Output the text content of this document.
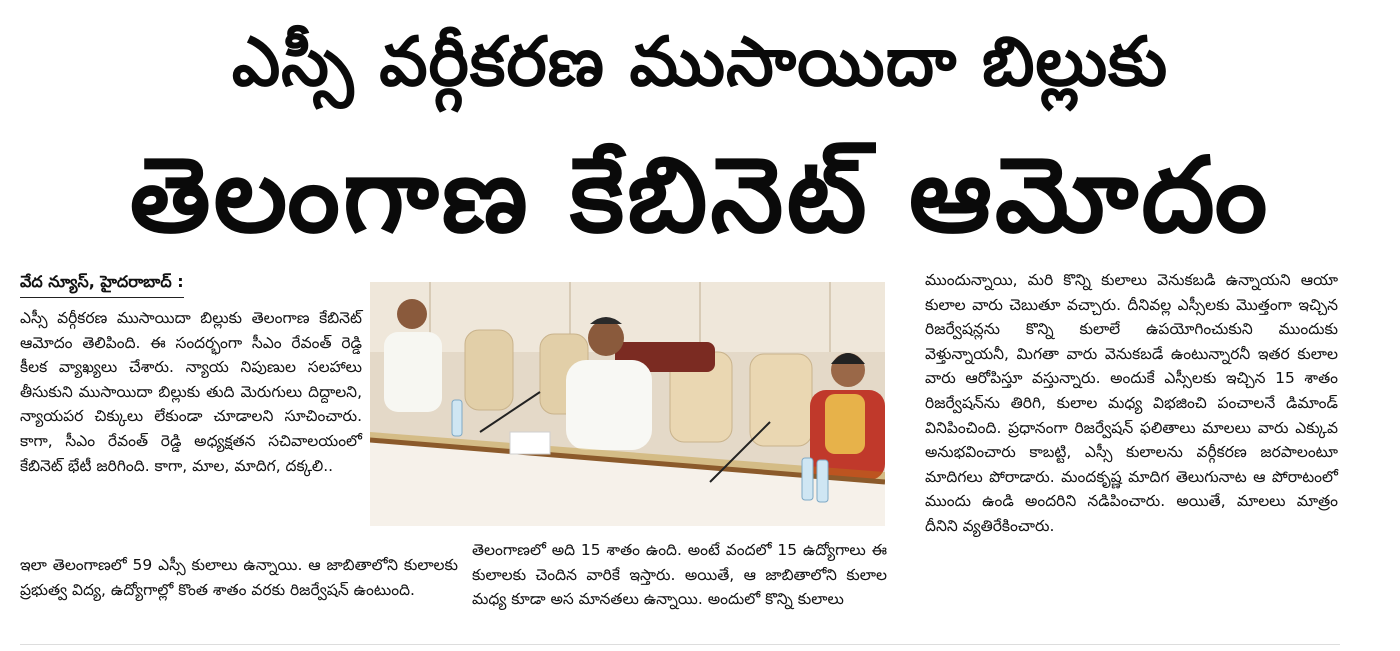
ఎస్సీ వర్గీకరణ ముసాయిదా బిల్లుకు
తెలంగాణ కేబినెట్ ఆమోదం
వేద న్యూస్, హైదరాబాద్ :

ఎస్సీ వర్గీకరణ ముసాయిదా బిల్లుకు తెలంగాణ కేబినెట్ ఆమోదం తెలిపింది. ఈ సందర్భంగా సీఎం రేవంత్ రెడ్డి కీలక వ్యాఖ్యలు చేశారు. న్యాయ నిపుణుల సలహాలు తీసుకుని ముసాయిదా బిల్లుకు తుది మెరుగులు దిద్దాలని, న్యాయపర చిక్కులు లేకుండా చూడాలని సూచించారు. కాగా, సీఎం రేవంత్ రెడ్డి అధ్యక్షతన సచివాలయంలో కేబినెట్ భేటీ జరిగింది. కాగా, మాల, మాదిగ, దక్కలి..

ఇలా తెలంగాణలో 59 ఎస్సీ కులాలు ఉన్నాయి. ఆ జాబితాలోని కులాలకు ప్రభుత్వ విద్య, ఉద్యోగాల్లో కొంత శాతం వరకు రిజర్వేషన్ ఉంటుంది.

తెలంగాణలో అది 15 శాతం ఉంది. అంటే వందలో 15 ఉద్యోగాలు ఈ కులాలకు చెందిన వారికే ఇస్తారు. అయితే, ఆ జాబితాలోని కులాల మధ్య కూడా అస మానతలు ఉన్నాయి. అందులో కొన్ని కులాలు

ముందున్నాయి, మరి కొన్ని కులాలు వెనుకబడి ఉన్నాయని ఆయా కులాల వారు చెబుతూ వచ్చారు. దీనివల్ల ఎస్సీలకు మొత్తంగా ఇచ్చిన రిజర్వేషన్లను కొన్ని కులాలే ఉపయోగించుకుని ముందుకు వెళ్తున్నాయనీ, మిగతా వారు వెనుకబడే ఉంటున్నారనీ ఇతర కులాల వారు ఆరోపిస్తూ వస్తున్నారు. అందుకే ఎస్సీలకు ఇచ్చిన 15 శాతం రిజర్వేషన్‌ను తిరిగి, కులాల మధ్య విభజించి పంచాలనే డిమాండ్ వినిపించింది. ప్రధానంగా రిజర్వేషన్ ఫలితాలు మాలలు వారు ఎక్కువ అనుభవించారు కాబట్టి, ఎస్సీ కులాలను వర్గీకరణ జరపాలంటూ మాదిగలు పోరాడారు. మందకృష్ణ మాదిగ తెలుగునాట ఆ పోరాటంలో ముందు ఉండి అందరిని నడిపించారు. అయితే, మాలలు మాత్రం దీనిని వ్యతిరేకించారు.
